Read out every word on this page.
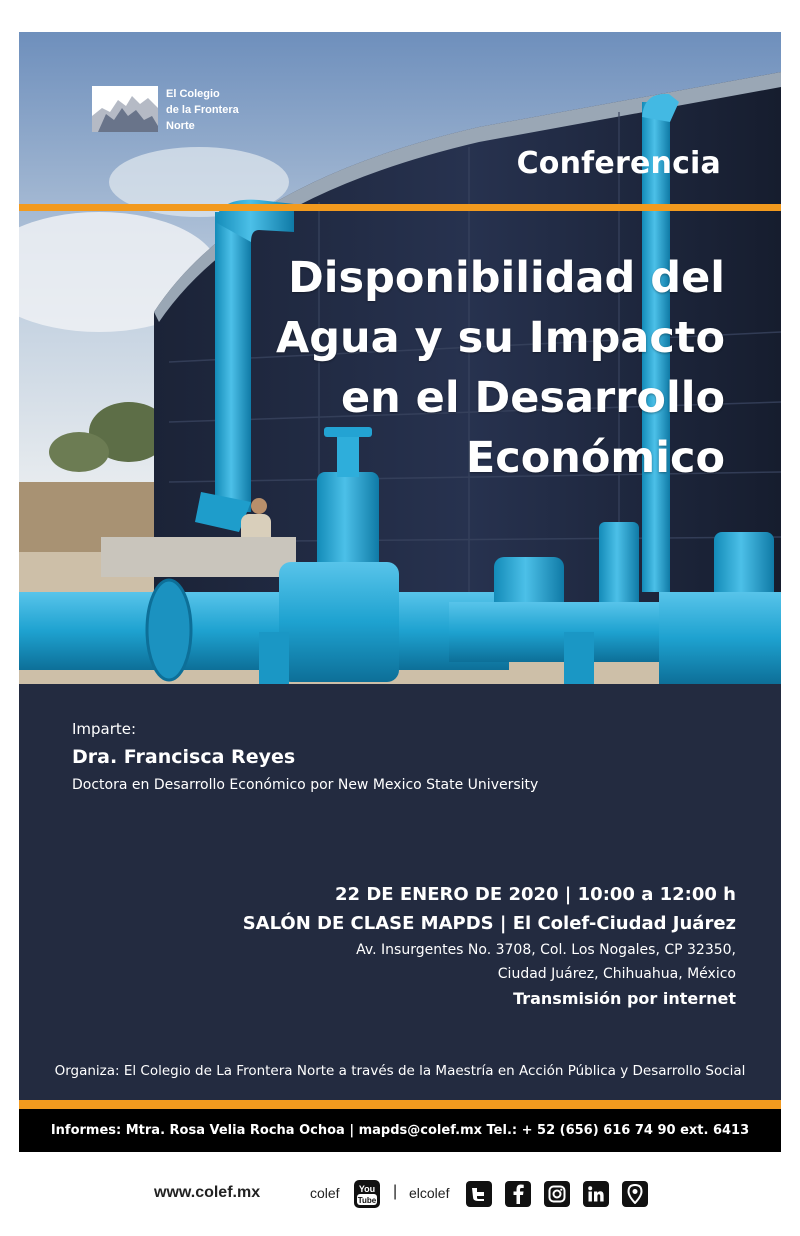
El Colegio
de la Frontera
Norte
Conferencia
Disponibilidad del
Agua y su Impacto
en el Desarrollo
Económico
Imparte:
Dra. Francisca Reyes
Doctora en Desarrollo Económico por New Mexico State University
22 DE ENERO DE 2020 | 10:00 a 12:00 h
SALÓN DE CLASE MAPDS | El Colef-Ciudad Juárez
Av. Insurgentes No. 3708, Col. Los Nogales, CP 32350,
Ciudad Juárez, Chihuahua, México
Transmisión por internet
Organiza: El Colegio de La Frontera Norte a través de la Maestría en Acción Pública y Desarrollo Social
Informes: Mtra. Rosa Velia Rocha Ochoa | mapds@colef.mx Tel.: + 52 (656) 616 74 90 ext. 6413
www.colef.mx	colef You
Tube
| elcolef
